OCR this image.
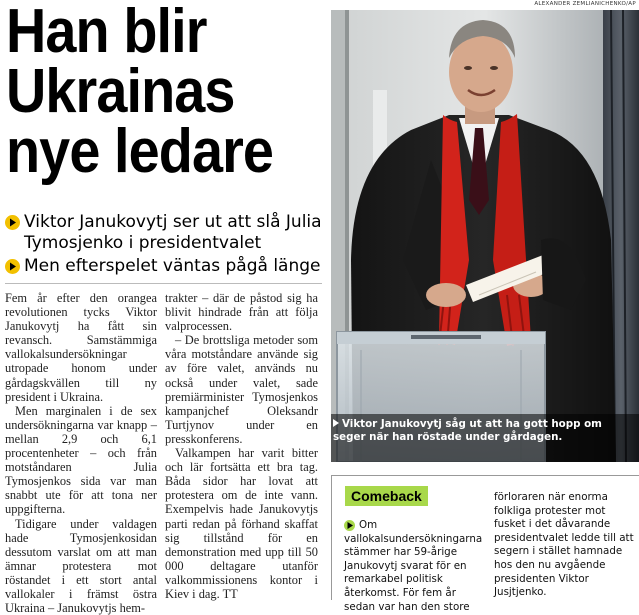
Han blir
Ukrainas
nye ledare
Viktor Janukovytj ser ut att slå Julia Tymosjenko i presidentvalet
Men efterspelet väntas pågå länge

Fem år efter den orangea revolutionen tycks Viktor Janukovytj ha fått sin revansch. Samstämmiga vallokalsundersökningar utropade honom under gårdagskvällen till ny president i Ukraina.

Men marginalen i de sex undersökningarna var knapp – mellan 2,9 och 6,1 procentenheter – och från motståndaren Julia Tymosjenkos sida var man snabbt ute för att tona ner uppgifterna.

Tidigare under valdagen hade Tymosjenkosidan dessutom varslat om att man ämnar protestera mot röstandet i ett stort antal vallokaler i främst östra Ukraina – Janukovytjs hem-

trakter – där de påstod sig ha blivit hindrade från att följa valprocessen.

– De brottsliga metoder som våra motståndare använde sig av före valet, används nu också under valet, sade premiärminister Tymosjenkos kampanjchef Oleksandr Turtjynov under en presskonferens.

Valkampen har varit bitter och lär fortsätta ett bra tag. Båda sidor har lovat att protestera om de inte vann. Exempelvis hade Janukovytjs parti redan på förhand skaffat sig tillstånd för en demonstration med upp till 50 000 deltagare utanför valkommissionens kontor i Kiev i dag. TT

ALEXANDER ZEMLIANICHENKO/AP
Viktor Janukovytj såg ut att ha gott hopp om seger när han röstade under gårdagen.
Comeback
Om vallokalsundersökningarna stämmer har 59-årige Janukovytj svarat för en remarkabel politisk återkomst. För fem år sedan var han den store
förloraren när enorma folkliga protester mot fusket i det dåvarande presidentvalet ledde till att segern i stället hamnade hos den nu avgående presidenten Viktor Jusjtjenko.
